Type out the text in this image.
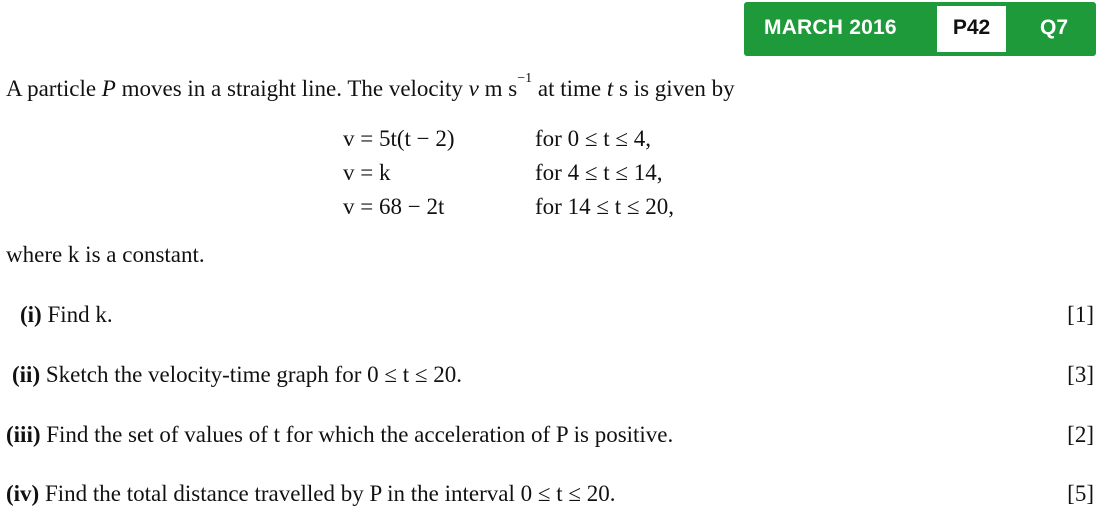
MARCH 2016	P42	Q7
A particle P moves in a straight line. The velocity v m $s^{-1}$ at time t s is given by
v = 5t(t − 2)	for 0 ≤ t ≤ 4,
v = k	for 4 ≤ t ≤ 14,
v = 68 − 2t	for 14 ≤ t ≤ 20,
where k is a constant.
(i) Find k.	[1]
(ii) Sketch the velocity-time graph for 0 ≤ t ≤ 20.	[3]
(iii) Find the set of values of t for which the acceleration of P is positive.	[2]
(iv) Find the total distance travelled by P in the interval 0 ≤ t ≤ 20.	[5]
